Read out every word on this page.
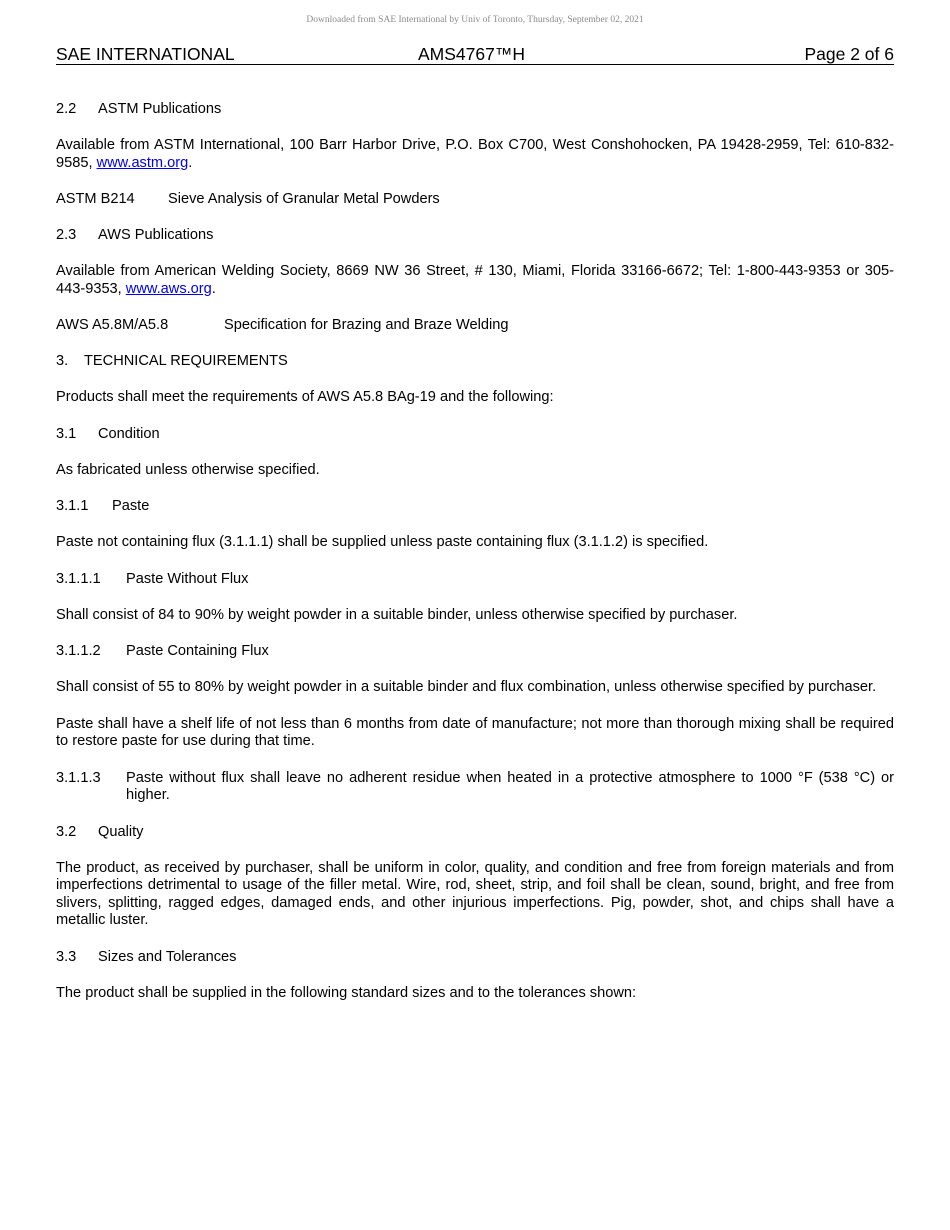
Downloaded from SAE International by Univ of Toronto, Thursday, September 02, 2021
SAE INTERNATIONAL	AMS4767™H	Page 2 of 6
2.2 ASTM Publications

Available from ASTM International, 100 Barr Harbor Drive, P.O. Box C700, West Conshohocken, PA 19428-2959, Tel: 610-832-9585, www.astm.org.

ASTM B214 Sieve Analysis of Granular Metal Powders
2.3 AWS Publications

Available from American Welding Society, 8669 NW 36 Street, # 130, Miami, Florida 33166-6672; Tel: 1-800-443-9353 or 305-443-9353, www.aws.org.

AWS A5.8M/A5.8	Specification for Brazing and Braze Welding
3. TECHNICAL REQUIREMENTS

Products shall meet the requirements of AWS A5.8 BAg-19 and the following:

3.1 Condition

As fabricated unless otherwise specified.

3.1.1 Paste

Paste not containing flux (3.1.1.1) shall be supplied unless paste containing flux (3.1.1.2) is specified.

3.1.1.1 Paste Without Flux

Shall consist of 84 to 90% by weight powder in a suitable binder, unless otherwise specified by purchaser.

3.1.1.2 Paste Containing Flux

Shall consist of 55 to 80% by weight powder in a suitable binder and flux combination, unless otherwise specified by purchaser.

Paste shall have a shelf life of not less than 6 months from date of manufacture; not more than thorough mixing shall be required to restore paste for use during that time.

3.1.1.3	Paste without flux shall leave no adherent residue when heated in a protective atmosphere to 1000 °F (538 °C) or higher.
3.2 Quality

The product, as received by purchaser, shall be uniform in color, quality, and condition and free from foreign materials and from imperfections detrimental to usage of the filler metal. Wire, rod, sheet, strip, and foil shall be clean, sound, bright, and free from slivers, splitting, ragged edges, damaged ends, and other injurious imperfections. Pig, powder, shot, and chips shall have a metallic luster.

3.3 Sizes and Tolerances

The product shall be supplied in the following standard sizes and to the tolerances shown:
